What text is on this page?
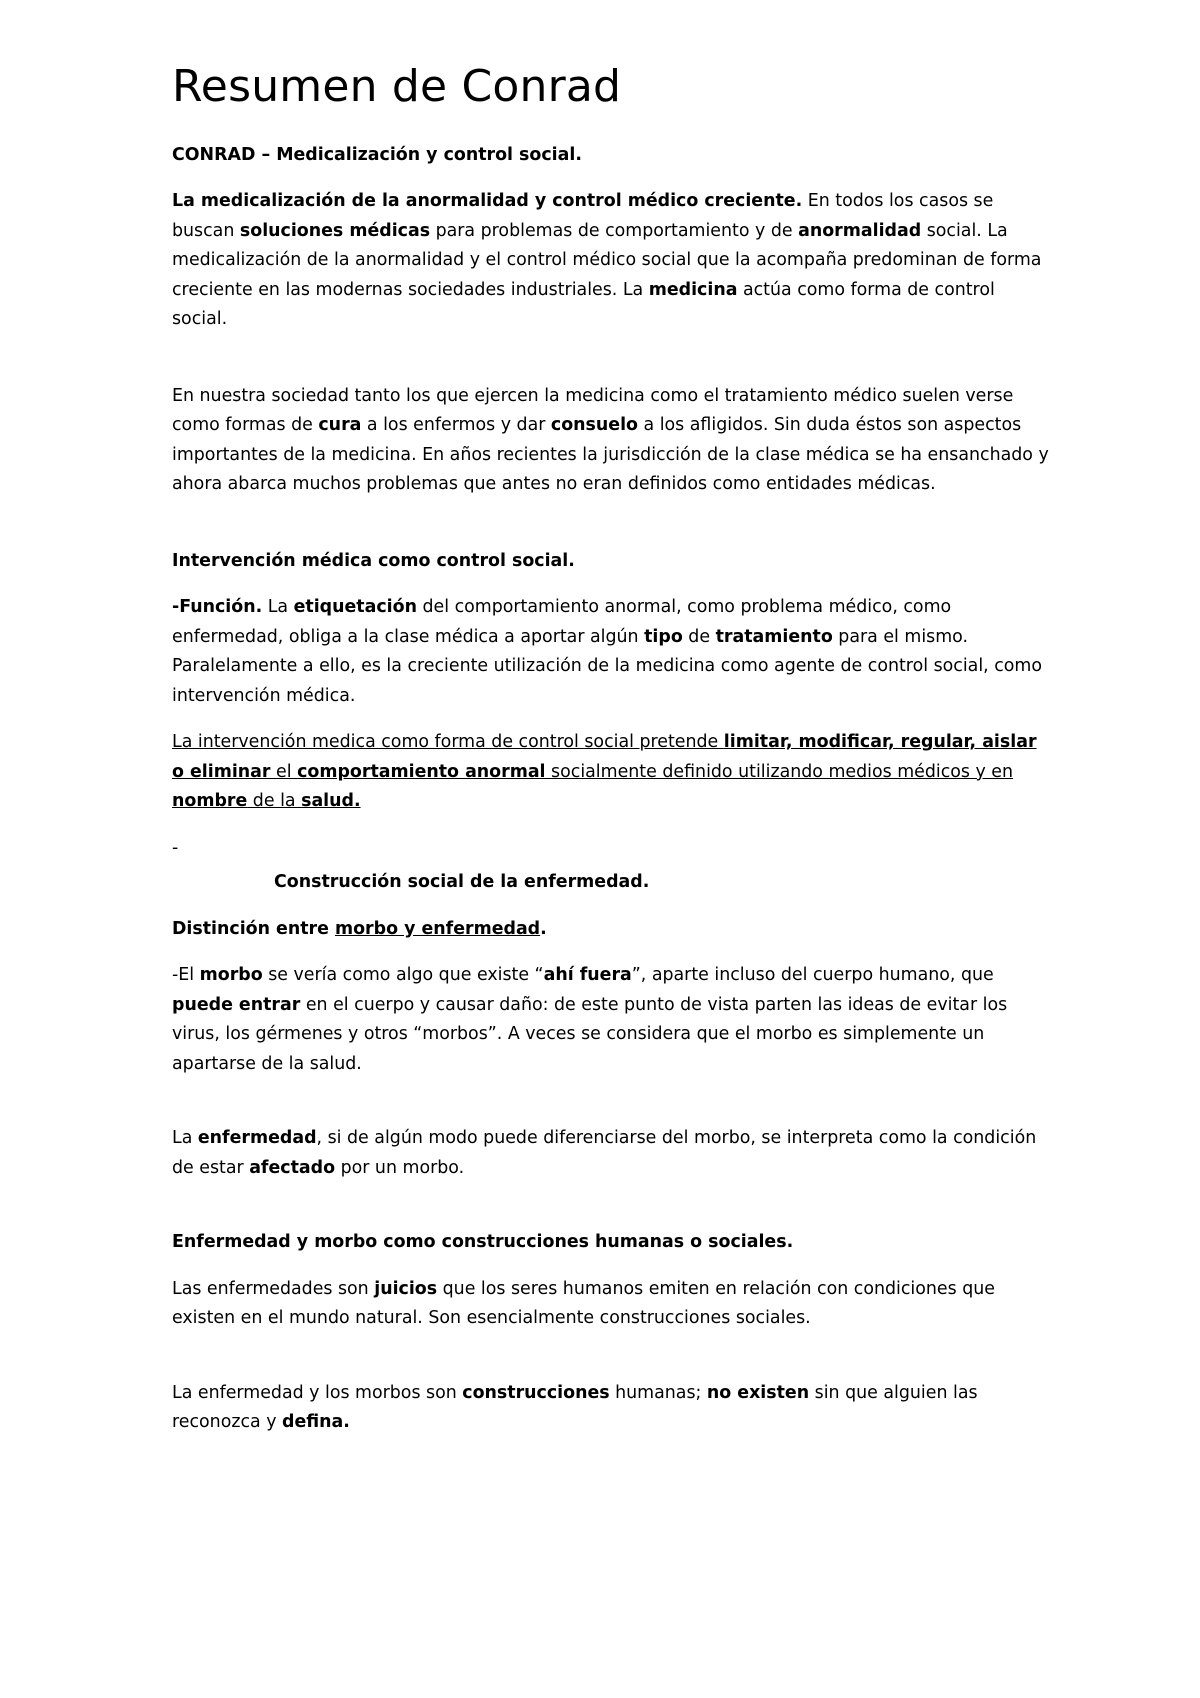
Resumen de Conrad

CONRAD – Medicalización y control social.

La medicalización de la anormalidad y control médico creciente. En todos los casos se buscan soluciones médicas para problemas de comportamiento y de anormalidad social. La medicalización de la anormalidad y el control médico social que la acompaña predominan de forma creciente en las modernas sociedades industriales. La medicina actúa como forma de control social.

En nuestra sociedad tanto los que ejercen la medicina como el tratamiento médico suelen verse como formas de cura a los enfermos y dar consuelo a los afligidos. Sin duda éstos son aspectos importantes de la medicina. En años recientes la jurisdicción de la clase médica se ha ensanchado y ahora abarca muchos problemas que antes no eran definidos como entidades médicas.

Intervención médica como control social.

-Función. La etiquetación del comportamiento anormal, como problema médico, como enfermedad, obliga a la clase médica a aportar algún tipo de tratamiento para el mismo. Paralelamente a ello, es la creciente utilización de la medicina como agente de control social, como intervención médica.

La intervención medica como forma de control social pretende limitar, modificar, regular, aislar o eliminar el comportamiento anormal socialmente definido utilizando medios médicos y en nombre de la salud.

-

Construcción social de la enfermedad.

Distinción entre morbo y enfermedad.

-El morbo se vería como algo que existe “ahí fuera”, aparte incluso del cuerpo humano, que puede entrar en el cuerpo y causar daño: de este punto de vista parten las ideas de evitar los virus, los gérmenes y otros “morbos”. A veces se considera que el morbo es simplemente un apartarse de la salud.

La enfermedad, si de algún modo puede diferenciarse del morbo, se interpreta como la condición de estar afectado por un morbo.

Enfermedad y morbo como construcciones humanas o sociales.

Las enfermedades son juicios que los seres humanos emiten en relación con condiciones que existen en el mundo natural. Son esencialmente construcciones sociales.

La enfermedad y los morbos son construcciones humanas; no existen sin que alguien las reconozca y defina.
